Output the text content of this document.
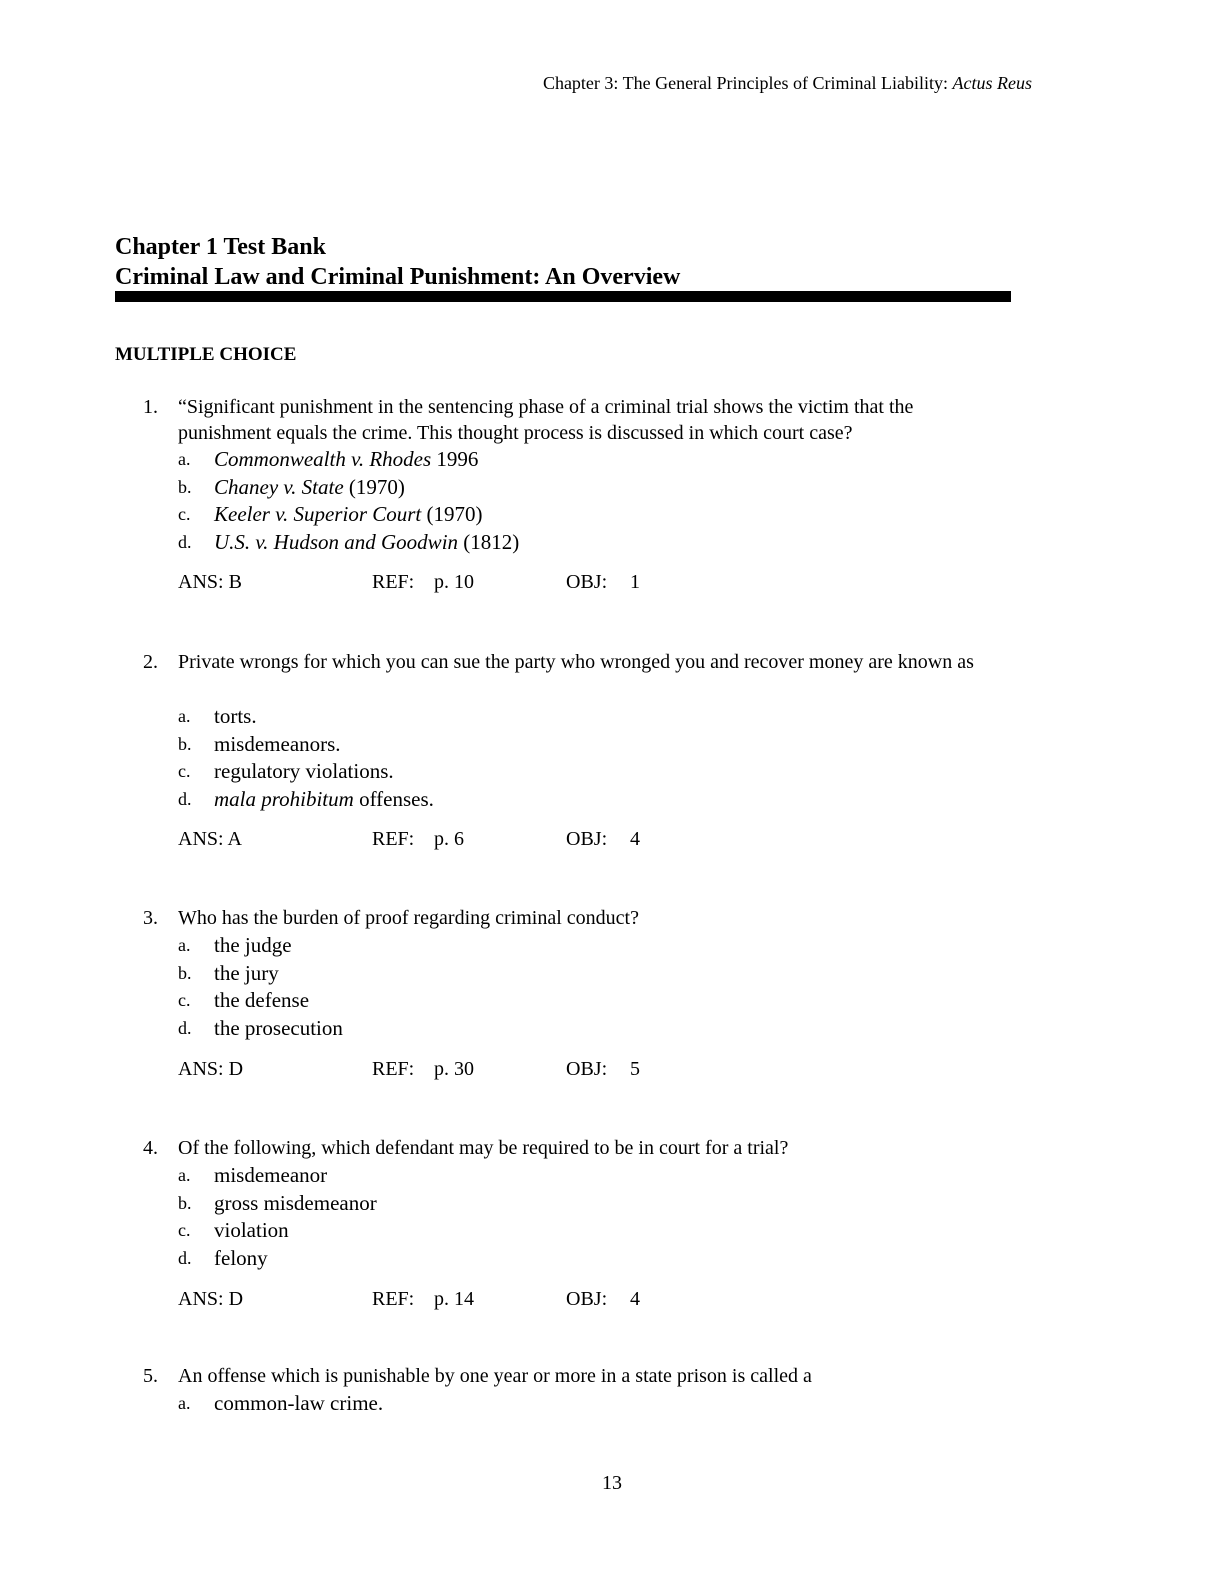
Chapter 3: The General Principles of Criminal Liability: Actus Reus
Chapter 1 Test Bank
Criminal Law and Criminal Punishment: An Overview
MULTIPLE CHOICE
1. “Significant punishment in the sentencing phase of a criminal trial shows the victim that the punishment equals the crime. This thought process is discussed in which court case?
a. Commonwealth v. Rhodes 1996
b. Chaney v. State (1970)
c. Keeler v. Superior Court (1970)
d. U.S. v. Hudson and Goodwin (1812)
ANS: B	REF: p. 10	OBJ: 1
2. Private wrongs for which you can sue the party who wronged you and recover money are known as
a. torts.
b. misdemeanors.
c. regulatory violations.
d. mala prohibitum offenses.
ANS: A	REF: p. 6	OBJ: 4
3. Who has the burden of proof regarding criminal conduct?
a. the judge
b. the jury
c. the defense
d. the prosecution
ANS: D	REF: p. 30	OBJ: 5
4. Of the following, which defendant may be required to be in court for a trial?
a. misdemeanor
b. gross misdemeanor
c. violation
d. felony
ANS: D	REF: p. 14	OBJ: 4
5. An offense which is punishable by one year or more in a state prison is called a
a. common-law crime.
13
